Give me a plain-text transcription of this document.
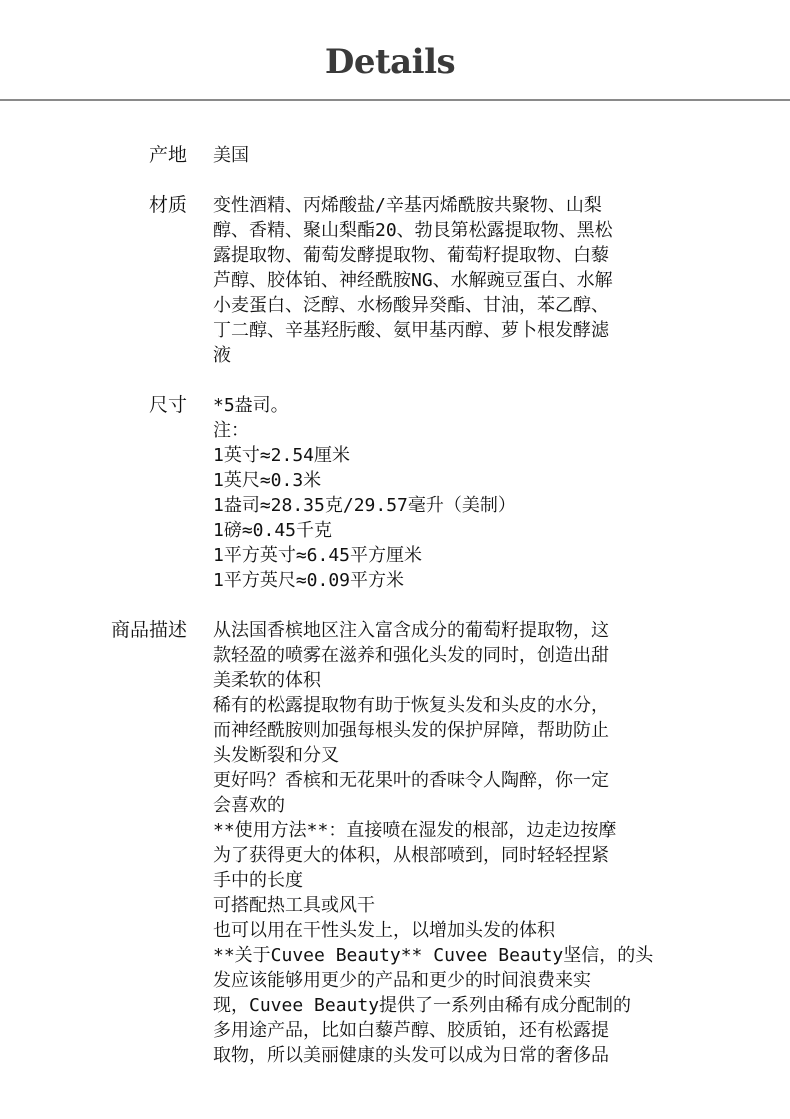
Details
产地 美国
材质 变性酒精、丙烯酸盐/辛基丙烯酰胺共聚物、山梨
醇、香精、聚山梨酯20、勃艮第松露提取物、黑松
露提取物、葡萄发酵提取物、葡萄籽提取物、白藜
芦醇、胶体铂、神经酰胺NG、水解豌豆蛋白、水解
小麦蛋白、泛醇、水杨酸异癸酯、甘油，苯乙醇、
丁二醇、辛基羟肟酸、氨甲基丙醇、萝卜根发酵滤
液
尺寸 *5盎司。
注：
1英寸≈2.54厘米
1英尺≈0.3米
1盎司≈28.35克/29.57毫升（美制）
1磅≈0.45千克
1平方英寸≈6.45平方厘米
1平方英尺≈0.09平方米
商品描述 从法国香槟地区注入富含成分的葡萄籽提取物，这
款轻盈的喷雾在滋养和强化头发的同时，创造出甜
美柔软的体积
稀有的松露提取物有助于恢复头发和头皮的水分，
而神经酰胺则加强每根头发的保护屏障，帮助防止
头发断裂和分叉
更好吗？香槟和无花果叶的香味令人陶醉，你一定
会喜欢的
**使用方法**：直接喷在湿发的根部，边走边按摩
为了获得更大的体积，从根部喷到，同时轻轻捏紧
手中的长度
可搭配热工具或风干
也可以用在干性头发上，以增加头发的体积
**关于Cuvee Beauty** Cuvee Beauty坚信，的头
发应该能够用更少的产品和更少的时间浪费来实
现，Cuvee Beauty提供了一系列由稀有成分配制的
多用途产品，比如白藜芦醇、胶质铂，还有松露提
取物，所以美丽健康的头发可以成为日常的奢侈品
